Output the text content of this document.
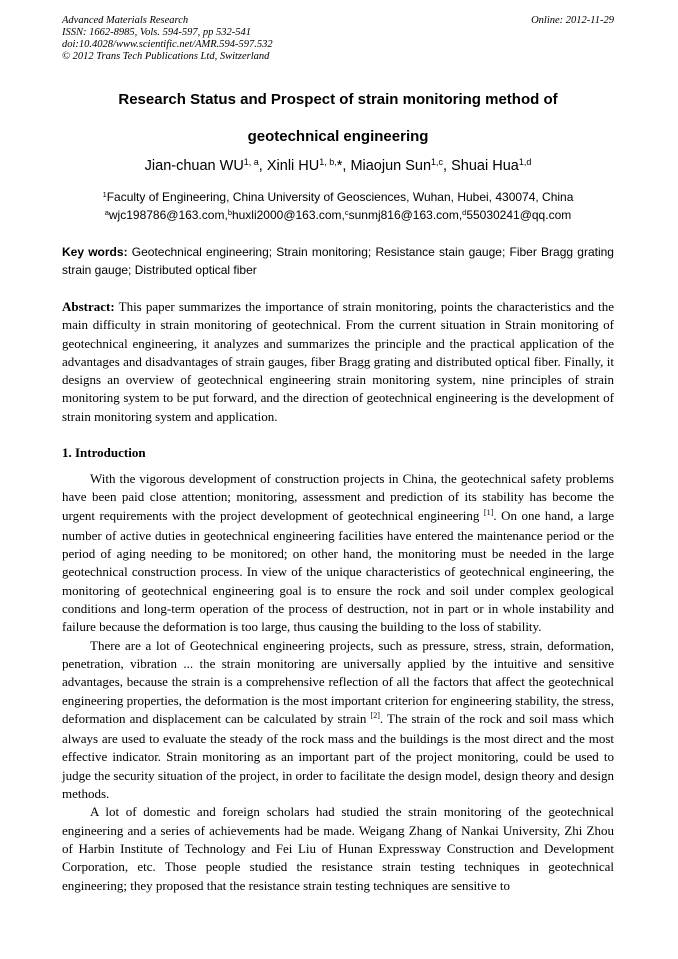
Advanced Materials Research
ISSN: 1662-8985, Vols. 594-597, pp 532-541
doi:10.4028/www.scientific.net/AMR.594-597.532
© 2012 Trans Tech Publications Ltd, Switzerland
Online: 2012-11-29
Research Status and Prospect of strain monitoring method of
geotechnical engineering
Jian-chuan WU$^{1, a}$, Xinli $HU^{1, b,}*$, Miaojun Sun$^{1,c}$, Shuai Hua$^{1,d}$
$^1$Faculty of Engineering, China University of Geosciences, Wuhan, Hubei, 430074, China
$^a$wjc198786@163.com,$^b$huxli2000@163.com,$^c$sunmj816@163.com,$^d$55030241@qq.com
Key words: Geotechnical engineering; Strain monitoring; Resistance stain gauge; Fiber Bragg grating strain gauge; Distributed optical fiber
Abstract: This paper summarizes the importance of strain monitoring, points the characteristics and the main difficulty in strain monitoring of geotechnical. From the current situation in Strain monitoring of geotechnical engineering, it analyzes and summarizes the principle and the practical application of the advantages and disadvantages of strain gauges, fiber Bragg grating and distributed optical fiber. Finally, it designs an overview of geotechnical engineering strain monitoring system, nine principles of strain monitoring system to be put forward, and the direction of geotechnical engineering is the development of strain monitoring system and application.
1. Introduction

With the vigorous development of construction projects in China, the geotechnical safety problems have been paid close attention; monitoring, assessment and prediction of its stability has become the urgent requirements with the project development of geotechnical engineering [1]. On one hand, a large number of active duties in geotechnical engineering facilities have entered the maintenance period or the period of aging needing to be monitored; on other hand, the monitoring must be needed in the large geotechnical construction process. In view of the unique characteristics of geotechnical engineering, the monitoring of geotechnical engineering goal is to ensure the rock and soil under complex geological conditions and long-term operation of the process of destruction, not in part or in whole instability and failure because the deformation is too large, thus causing the building to the loss of stability.

There are a lot of Geotechnical engineering projects, such as pressure, stress, strain, deformation, penetration, vibration ... the strain monitoring are universally applied by the intuitive and sensitive advantages, because the strain is a comprehensive reflection of all the factors that affect the geotechnical engineering properties, the deformation is the most important criterion for engineering stability, the stress, deformation and displacement can be calculated by strain [2]. The strain of the rock and soil mass which always are used to evaluate the steady of the rock mass and the buildings is the most direct and the most effective indicator. Strain monitoring as an important part of the project monitoring, could be used to judge the security situation of the project, in order to facilitate the design model, design theory and design methods.

A lot of domestic and foreign scholars had studied the strain monitoring of the geotechnical engineering and a series of achievements had be made. Weigang Zhang of Nankai University, Zhi Zhou of Harbin Institute of Technology and Fei Liu of Hunan Expressway Construction and Development Corporation, etc. Those people studied the resistance strain testing techniques in geotechnical engineering; they proposed that the resistance strain testing techniques are sensitive to
